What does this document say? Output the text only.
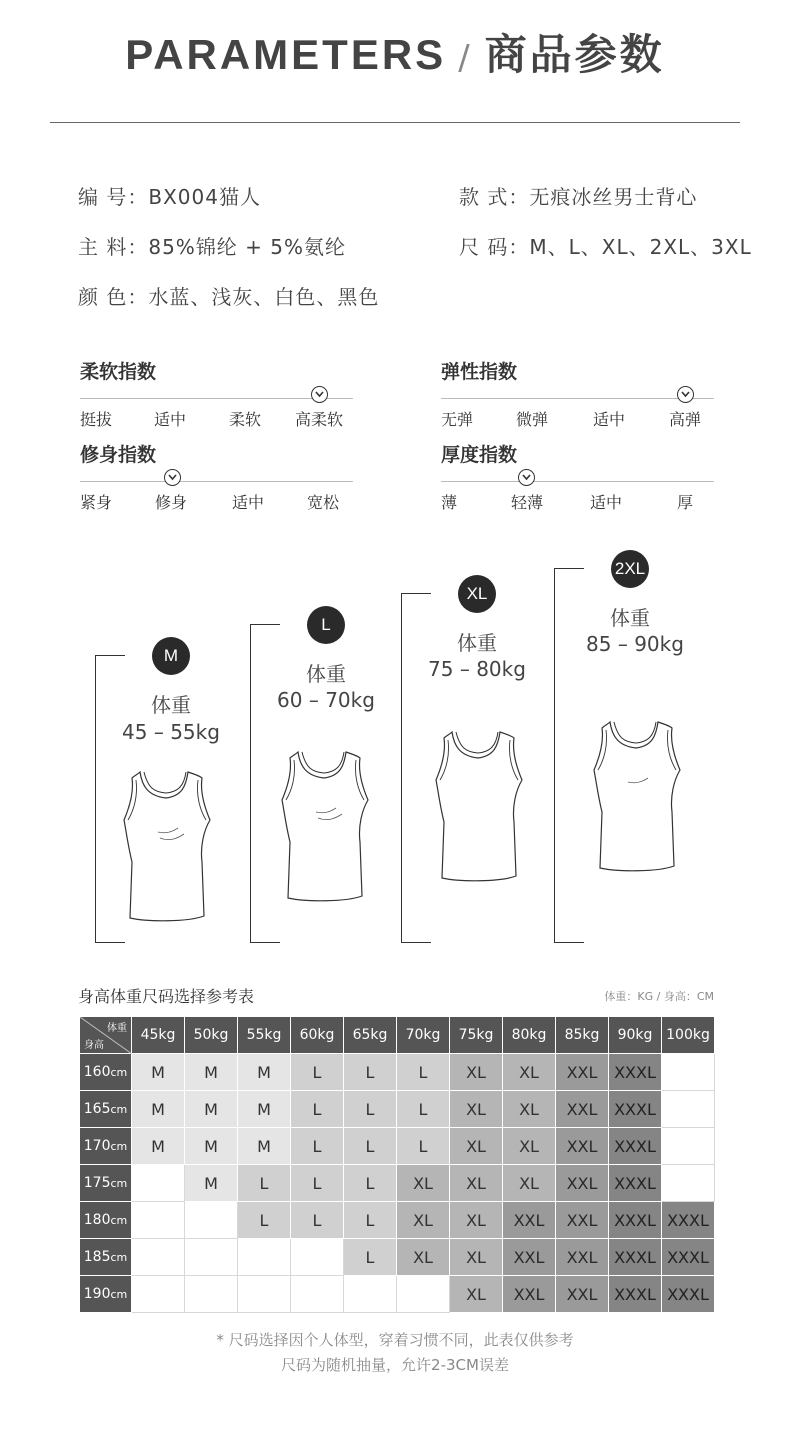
PARAMETERS / 商品参数
编 号：BX004猫人	款 式：无痕冰丝男士背心
主 料：85%锦纶 + 5%氨纶	尺 码：M、L、XL、2XL、3XL
颜 色：水蓝、浅灰、白色、黑色
柔软指数
挺拔	适中	柔软 高柔软
弹性指数
无弹	微弹	适中	高弹
修身指数
紧身	修身	适中	宽松
厚度指数
薄	轻薄	适中	厚
M
体重
45 – 55kg
L
体重
60 – 70kg
XL
体重
75 – 80kg
2XL
体重
85 – 90kg
身高体重尺码选择参考表	体重：KG / 身高：CM
体重
身高	45kg	50kg	55kg	60kg	65kg	70kg	75kg	80kg	85kg	90kg	100kg
160cm	M	M	M	L	L	L	XL	XL	XXL	XXXL	
165cm	M	M	M	L	L	L	XL	XL	XXL	XXXL	
170cm	M	M	M	L	L	L	XL	XL	XXL	XXXL	
175cm		M	L	L	L	XL	XL	XL	XXL	XXXL	
180cm			L	L	L	XL	XL	XXL	XXL	XXXL	XXXL
185cm					L	XL	XL	XXL	XXL	XXXL	XXXL
190cm							XL	XXL	XXL	XXXL	XXXL
* 尺码选择因个人体型，穿着习惯不同，此表仅供参考
尺码为随机抽量，允许2-3CM误差
